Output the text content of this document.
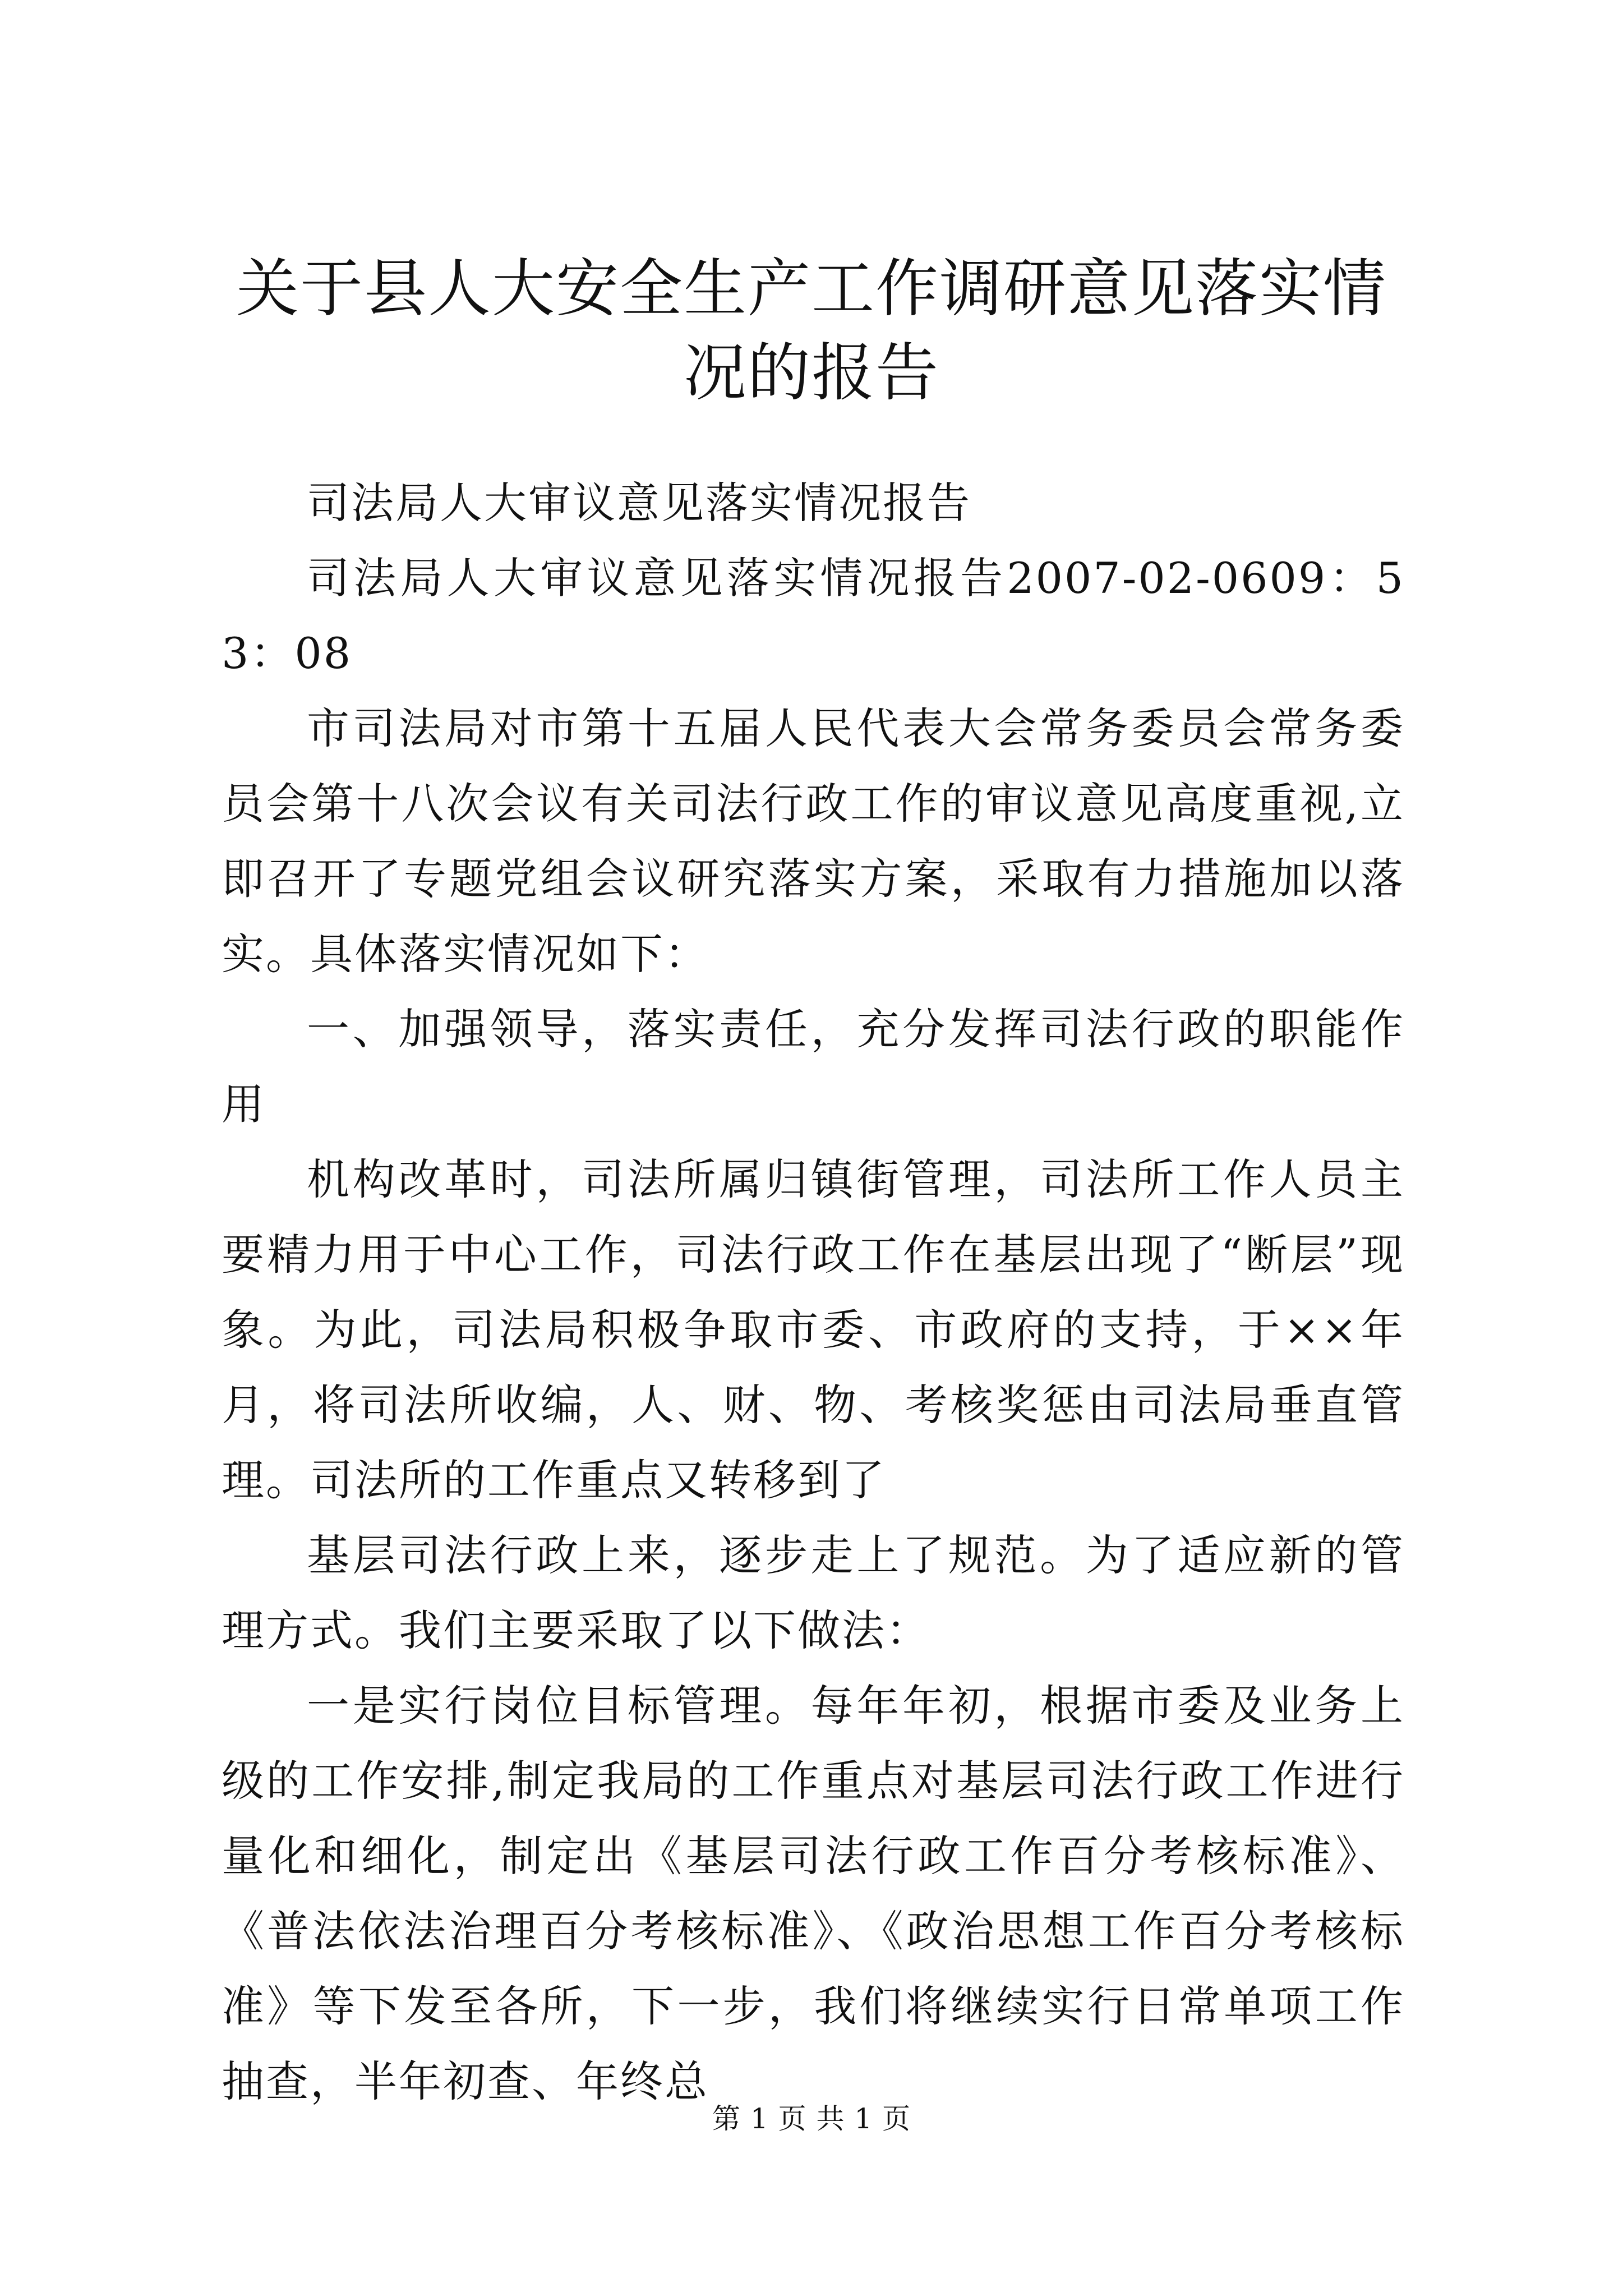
关于县人大安全生产工作调研意见落实情况的报告

司法局人大审议意见落实情况报告

司法局人大审议意见落实情况报告2007-02-0609：53：08

市司法局对市第十五届人民代表大会常务委员会常务委员会第十八次会议有关司法行政工作的审议意见高度重视,立即召开了专题党组会议研究落实方案，采取有力措施加以落实。具体落实情况如下：

一、加强领导，落实责任，充分发挥司法行政的职能作用

机构改革时，司法所属归镇街管理，司法所工作人员主要精力用于中心工作，司法行政工作在基层出现了“断层”现象。为此，司法局积极争取市委、市政府的支持，于××年月，将司法所收编，人、财、物、考核奖惩由司法局垂直管理。司法所的工作重点又转移到了

基层司法行政上来，逐步走上了规范。为了适应新的管理方式。我们主要采取了以下做法：

一是实行岗位目标管理。每年年初，根据市委及业务上级的工作安排,制定我局的工作重点对基层司法行政工作进行量化和细化，制定出《基层司法行政工作百分考核标准》、《普法依法治理百分考核标准》、《政治思想工作百分考核标准》等下发至各所，下一步，我们将继续实行日常单项工作抽查，半年初查、年终总

第 1 页 共 1 页
